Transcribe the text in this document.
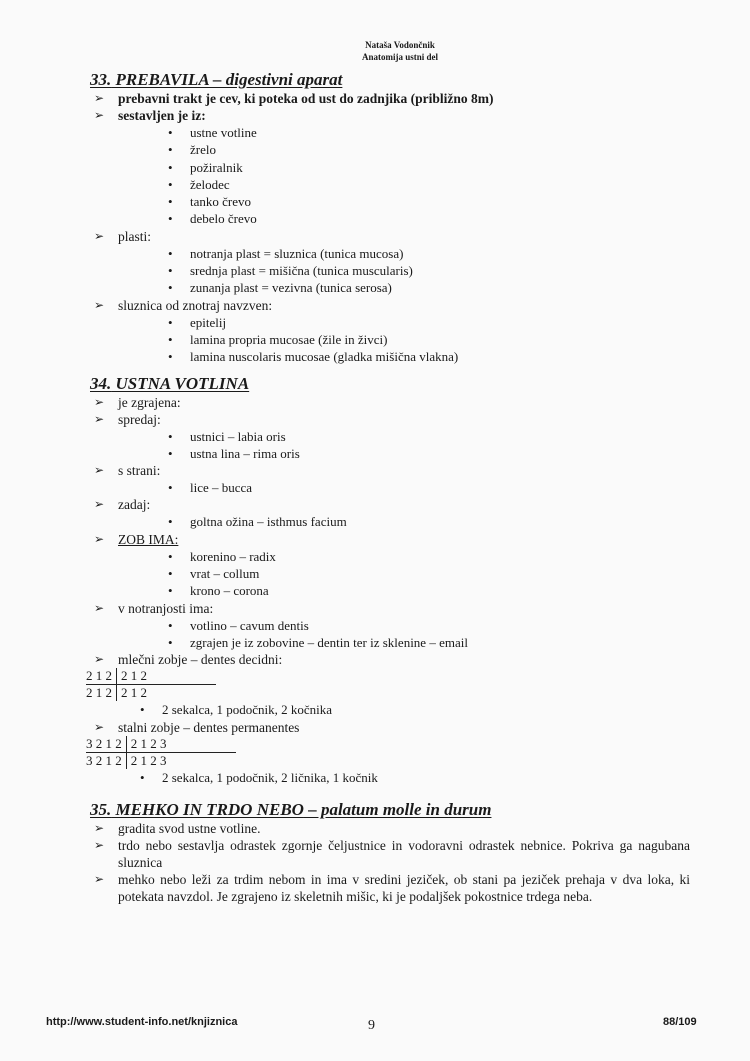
Nataša Vodončnik
Anatomija ustni del
33. PREBAVILA – digestivni aparat
➢ prebavni trakt je cev, ki poteka od ust do zadnjika (približno 8m)
➢ sestavljen je iz:
• ustne votline
• žrelo
• požiralnik
• želodec
• tanko črevo
• debelo črevo
➢ plasti:
• notranja plast = sluznica (tunica mucosa)
• srednja plast = mišična (tunica muscularis)
• zunanja plast = vezivna (tunica serosa)
➢ sluznica od znotraj navzven:
• epitelij
• lamina propria mucosae (žile in živci)
• lamina nuscolaris mucosae (gladka mišična vlakna)
34. USTNA VOTLINA
➢ je zgrajena:
➢ spredaj:
• ustnici – labia oris
• ustna lina – rima oris
➢ s strani:
• lice – bucca
➢ zadaj:
• goltna ožina – isthmus facium
➢ ZOB IMA:
• korenino – radix
• vrat – collum
• krono – corona
➢ v notranjosti ima:
• votlino – cavum dentis
• zgrajen je iz zobovine – dentin ter iz sklenine – email
➢ mlečni zobje – dentes decidni:
2 1 2 2 1 2
2 1 2 2 1 2
• 2 sekalca, 1 podočnik, 2 kočnika
➢ stalni zobje – dentes permanentes
3 2 1 2 2 1 2 3
3 2 1 2 2 1 2 3
• 2 sekalca, 1 podočnik, 2 ličnika, 1 kočnik
35. MEHKO IN TRDO NEBO – palatum molle in durum
➢ gradita svod ustne votline.
➢ trdo nebo sestavlja odrastek zgornje čeljustnice in vodoravni odrastek nebnice. Pokriva ga nagubana sluznica
➢ mehko nebo leži za trdim nebom in ima v sredini jeziček, ob stani pa jeziček prehaja v dva loka, ki potekata navzdol. Je zgrajeno iz skeletnih mišic, ki je podaljšek pokostnice trdega neba.
http://www.student-info.net/knjiznica	9	88/109
